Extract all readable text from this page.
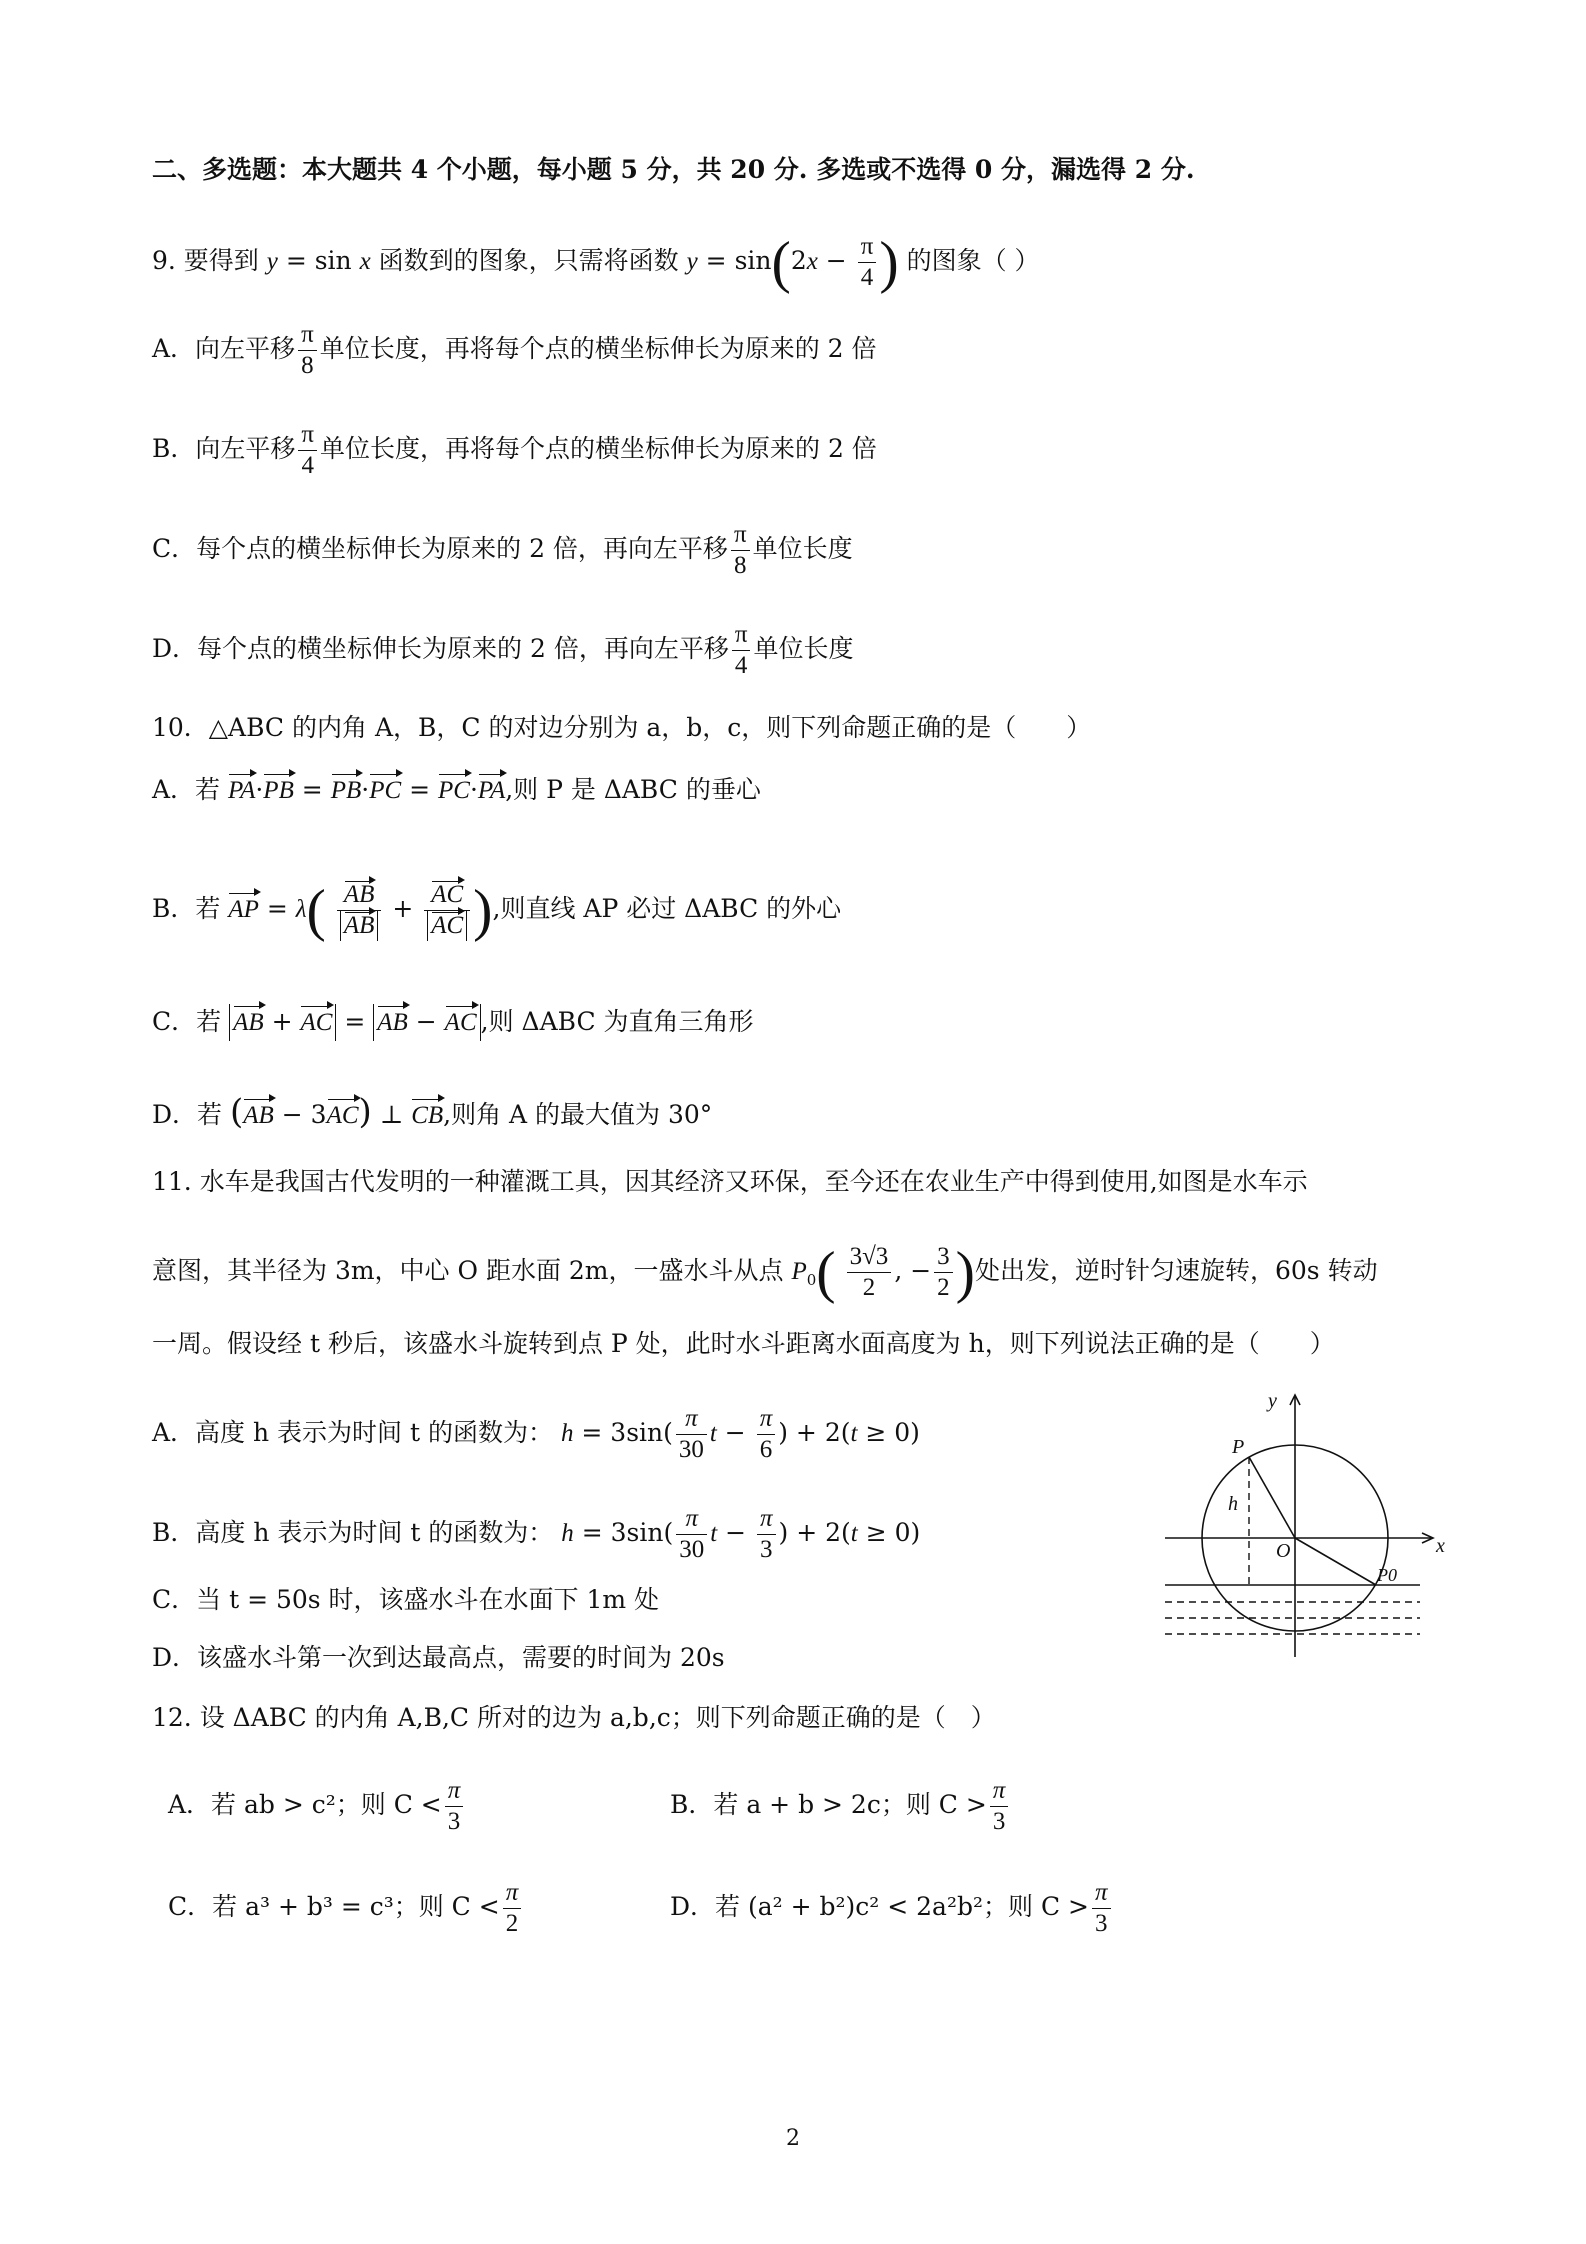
二、多选题：本大题共 4 个小题，每小题 5 分，共 20 分. 多选或不选得 0 分，漏选得 2 分.
9. 要得到 y = sin x 函数到的图象，只需将函数 $y = \sin(2x - \frac{\pi}{4}$ ) 的图象（ ）
A．向左平移 $\frac{\pi}{8}$ 单位长度，再将每个点的横坐标伸长为原来的 2 倍
B．向左平移 $\frac{\pi}{4}$ 单位长度，再将每个点的横坐标伸长为原来的 2 倍
C．每个点的横坐标伸长为原来的 2 倍，再向左平移 $\frac{\pi}{8}$ 单位长度
D．每个点的横坐标伸长为原来的 2 倍，再向左平移 $\frac{\pi}{4}$ 单位长度
10．△ABC 的内角 A，B，C 的对边分别为 a，b，c，则下列命题正确的是（　　）
A．若 PA·PB = PB·PC = PC·PA,则 P 是 ΔABC 的垂心
B．若 AP = $\lambda( \frac{AB}{AB} + \frac{AC}{AC}$ ),则直线 AP 必过 ΔABC 的外心
C．若 AB + AC = AB − AC ,则 ΔABC 为直角三角形
D．若 (AB − 3AC) ⊥ CB,则角 A 的最大值为 30°
11. 水车是我国古代发明的一种灌溉工具，因其经济又环保，至今还在农业生产中得到使用,如图是水车示
意图，其半径为 3m，中心 O 距水面 2m，一盛水斗从点 $P_0( \frac{3√3}{2}$ , − $\frac{3}{2}$ )处出发，逆时针匀速旋转，60s 转动
一周。假设经 t 秒后，该盛水斗旋转到点 P 处，此时水斗距离水面高度为 h，则下列说法正确的是（　　）
A．高度 h 表示为时间 t 的函数为： $h = 3\sin( \frac{\pi}{30}$ $t - \frac{\pi}{6}$ ) + 2(t ≥ 0)
B．高度 h 表示为时间 t 的函数为： $h = 3\sin( \frac{\pi}{30}$ $t - \frac{\pi}{3}$ ) + 2(t ≥ 0)
C．当 t = 50s 时，该盛水斗在水面下 1m 处
D．该盛水斗第一次到达最高点，需要的时间为 20s
y
x
P
h
O
P0
12. 设 ΔABC 的内角 A,B,C 所对的边为 a,b,c；则下列命题正确的是（　）
A．若 ab > c²；则 $C < \frac{\pi}{3}$	B．若 a + b > 2c；则 $C > \frac{\pi}{3}$
C．若 a³ + b³ = c³；则 $C < \frac{\pi}{2}$	D．若 (a² + b²)c² < 2a²b²；则 $C > \frac{\pi}{3}$
2
